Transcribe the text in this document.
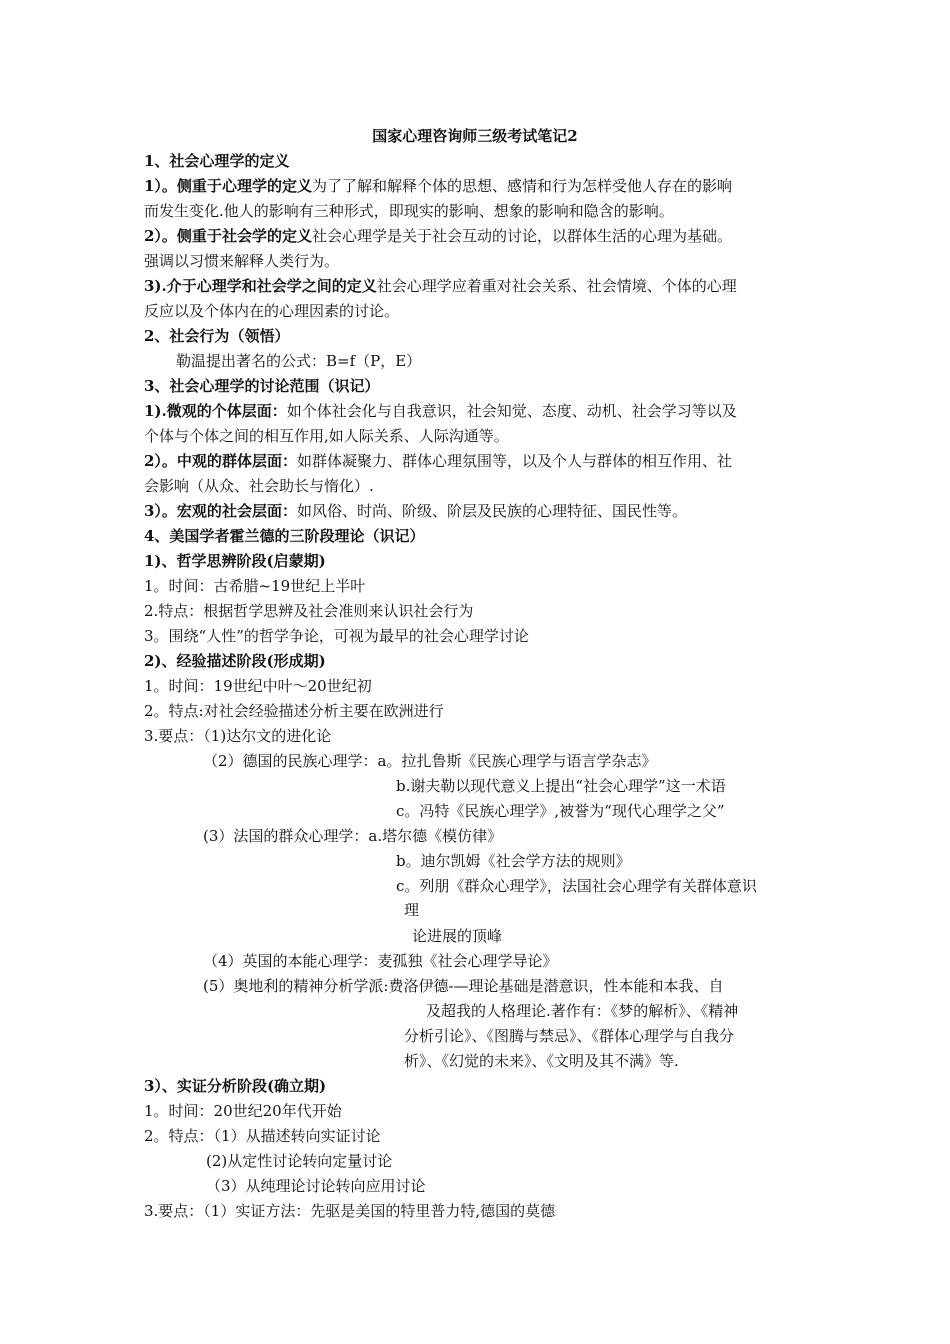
国家心理咨询师三级考试笔记2
1、社会心理学的定义
1）。侧重于心理学的定义为了了解和解释个体的思想、感情和行为怎样受他人存在的影响
而发生变化.他人的影响有三种形式，即现实的影响、想象的影响和隐含的影响。
2）。侧重于社会学的定义社会心理学是关于社会互动的讨论，以群体生活的心理为基础。
强调以习惯来解释人类行为。
3).介于心理学和社会学之间的定义社会心理学应着重对社会关系、社会情境、个体的心理
反应以及个体内在的心理因素的讨论。
2、社会行为（领悟）
勒温提出著名的公式：B=f（P，E）
3、社会心理学的讨论范围（识记）
1).微观的个体层面：如个体社会化与自我意识，社会知觉、态度、动机、社会学习等以及
个体与个体之间的相互作用,如人际关系、人际沟通等。
2）。中观的群体层面：如群体凝聚力、群体心理氛围等，以及个人与群体的相互作用、社
会影响（从众、社会助长与惰化）.
3）。宏观的社会层面：如风俗、时尚、阶级、阶层及民族的心理特征、国民性等。
4、美国学者霍兰德的三阶段理论（识记）
1)、哲学思辨阶段(启蒙期)
1。时间：古希腊~19世纪上半叶
2.特点：根据哲学思辨及社会准则来认识社会行为
3。围绕“人性”的哲学争论，可视为最早的社会心理学讨论
2)、经验描述阶段(形成期)
1。时间：19世纪中叶～20世纪初
2。特点:对社会经验描述分析主要在欧洲进行
3.要点：（1)达尔文的进化论
（2）德国的民族心理学：a。拉扎鲁斯《民族心理学与语言学杂志》
b.谢夫勒以现代意义上提出“社会心理学”这一术语
c。冯特《民族心理学》,被誉为“现代心理学之父”
(3）法国的群众心理学：a.塔尔德《模仿律》
b。迪尔凯姆《社会学方法的规则》
c。列朋《群众心理学》，法国社会心理学有关群体意识
理
论进展的顶峰
（4）英国的本能心理学：麦孤独《社会心理学导论》
(5）奥地利的精神分析学派:费洛伊德-—理论基础是潜意识，性本能和本我、自
及超我的人格理论.著作有：《梦的解析》、《精神
分析引论》、《图腾与禁忌》、《群体心理学与自我分
析》、《幻觉的未来》、《文明及其不满》等.
3）、实证分析阶段(确立期)
1。时间：20世纪20年代开始
2。特点：（1）从描述转向实证讨论
(2)从定性讨论转向定量讨论
（3）从纯理论讨论转向应用讨论
3.要点：（1）实证方法：先驱是美国的特里普力特,德国的莫德
